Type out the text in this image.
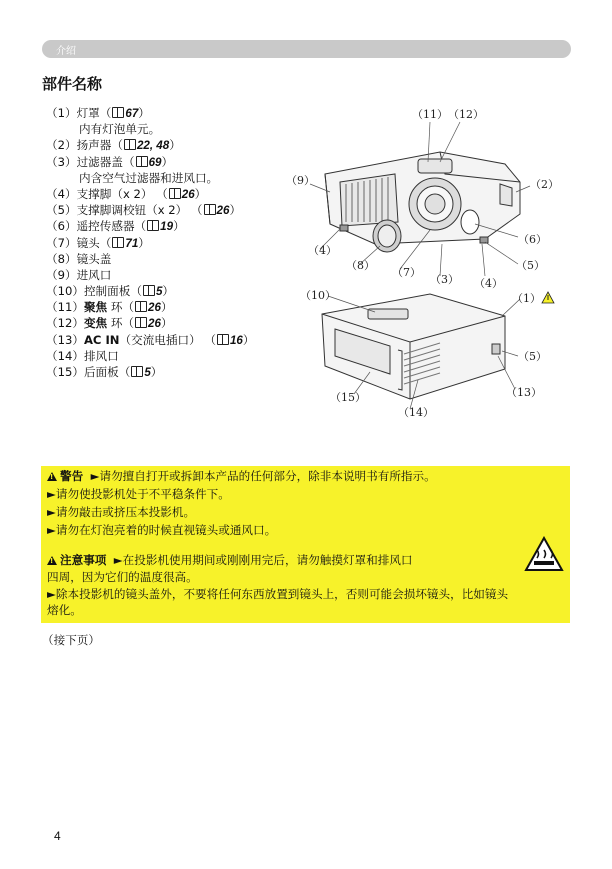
介绍
部件名称
（1）灯罩（ 67）
内有灯泡单元。
（2）扬声器（ 22, 48）
（3）过滤器盖（ 69）
内含空气过滤器和进风口。
（4）支撑脚（x 2） （ 26）
（5）支撑脚调校钮（x 2） （ 26）
（6）遥控传感器（ 19）
（7）镜头（ 71）
（8）镜头盖
（9）进风口
（10）控制面板（ 5）
（11）聚焦 环（ 26）
（12）变焦 环（ 26）
（13）AC IN（交流电插口） （ 16）
（14）排风口
（15）后面板（ 5）
（11） （12）
（9）	（2）
（6）
（4）
（8）
（7）
（3） （4）
（5）
（10）	（1）
（5）
（15）
（14）
（13）
!警告 ►请勿擅自打开或拆卸本产品的任何部分，除非本说明书有所指示。
►请勿使投影机处于不平稳条件下。
►请勿敲击或挤压本投影机。
►请勿在灯泡亮着的时候直视镜头或通风口。
!注意事项 ►在投影机使用期间或刚刚用完后，请勿触摸灯罩和排风口
四周，因为它们的温度很高。
►除本投影机的镜头盖外，不要将任何东西放置到镜头上，否则可能会损坏镜头，比如镜头熔化。
（接下页）
4
